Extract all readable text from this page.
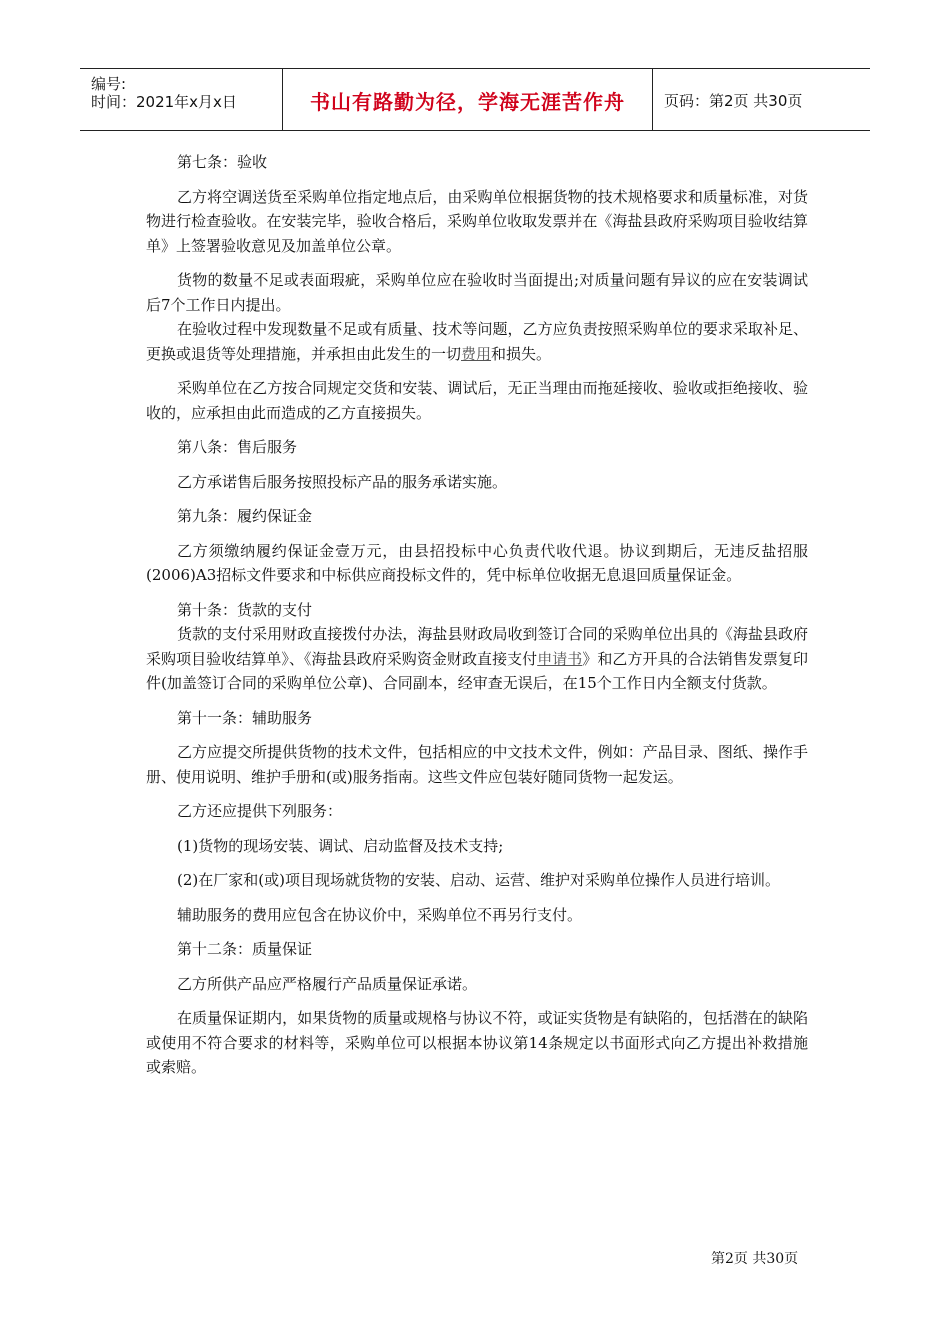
编号:
时间：2021年x月x日	书山有路勤为径，学海无涯苦作舟	页码：第2页 共30页

第七条：验收

乙方将空调送货至采购单位指定地点后，由采购单位根据货物的技术规格要求和质量标准，对货物进行检查验收。在安装完毕，验收合格后，采购单位收取发票并在《海盐县政府采购项目验收结算单》上签署验收意见及加盖单位公章。

货物的数量不足或表面瑕疵，采购单位应在验收时当面提出;对质量问题有异议的应在安装调试后7个工作日内提出。

在验收过程中发现数量不足或有质量、技术等问题，乙方应负责按照采购单位的要求采取补足、更换或退货等处理措施，并承担由此发生的一切费用和损失。

采购单位在乙方按合同规定交货和安装、调试后，无正当理由而拖延接收、验收或拒绝接收、验收的，应承担由此而造成的乙方直接损失。

第八条：售后服务

乙方承诺售后服务按照投标产品的服务承诺实施。

第九条：履约保证金

乙方须缴纳履约保证金壹万元，由县招投标中心负责代收代退。协议到期后，无违反盐招服(2006)A3招标文件要求和中标供应商投标文件的，凭中标单位收据无息退回质量保证金。

第十条：货款的支付

货款的支付采用财政直接拨付办法，海盐县财政局收到签订合同的采购单位出具的《海盐县政府采购项目验收结算单》、《海盐县政府采购资金财政直接支付申请书》和乙方开具的合法销售发票复印件(加盖签订合同的采购单位公章)、合同副本，经审查无误后，在15个工作日内全额支付货款。

第十一条：辅助服务

乙方应提交所提供货物的技术文件，包括相应的中文技术文件，例如：产品目录、图纸、操作手册、使用说明、维护手册和(或)服务指南。这些文件应包装好随同货物一起发运。

乙方还应提供下列服务：

(1)货物的现场安装、调试、启动监督及技术支持;

(2)在厂家和(或)项目现场就货物的安装、启动、运营、维护对采购单位操作人员进行培训。

辅助服务的费用应包含在协议价中，采购单位不再另行支付。

第十二条：质量保证

乙方所供产品应严格履行产品质量保证承诺。

在质量保证期内，如果货物的质量或规格与协议不符，或证实货物是有缺陷的，包括潜在的缺陷或使用不符合要求的材料等，采购单位可以根据本协议第14条规定以书面形式向乙方提出补救措施或索赔。

第2页 共30页
